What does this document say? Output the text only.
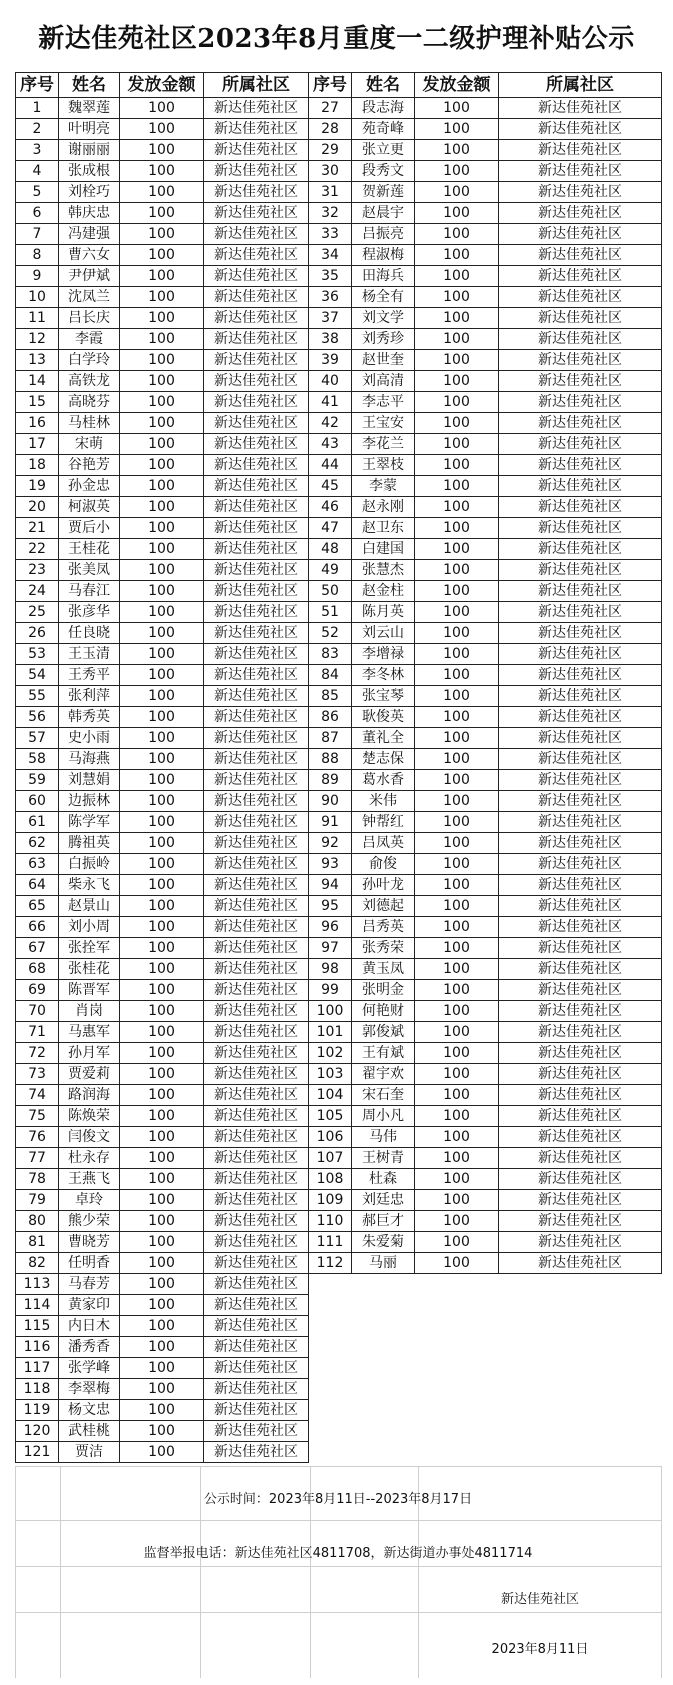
新达佳苑社区2023年8月重度一二级护理补贴公示
序号	姓名	发放金额	所属社区	序号	姓名	发放金额	所属社区
1	魏翠莲	100	新达佳苑社区	27	段志海	100	新达佳苑社区
2	叶明亮	100	新达佳苑社区	28	苑奇峰	100	新达佳苑社区
3	谢丽丽	100	新达佳苑社区	29	张立更	100	新达佳苑社区
4	张成根	100	新达佳苑社区	30	段秀文	100	新达佳苑社区
5	刘栓巧	100	新达佳苑社区	31	贺新莲	100	新达佳苑社区
6	韩庆忠	100	新达佳苑社区	32	赵晨宇	100	新达佳苑社区
7	冯建强	100	新达佳苑社区	33	吕振亮	100	新达佳苑社区
8	曹六女	100	新达佳苑社区	34	程淑梅	100	新达佳苑社区
9	尹伊斌	100	新达佳苑社区	35	田海兵	100	新达佳苑社区
10	沈凤兰	100	新达佳苑社区	36	杨全有	100	新达佳苑社区
11	吕长庆	100	新达佳苑社区	37	刘文学	100	新达佳苑社区
12	李霞	100	新达佳苑社区	38	刘秀珍	100	新达佳苑社区
13	白学玲	100	新达佳苑社区	39	赵世奎	100	新达佳苑社区
14	高铁龙	100	新达佳苑社区	40	刘高清	100	新达佳苑社区
15	高晓芬	100	新达佳苑社区	41	李志平	100	新达佳苑社区
16	马桂林	100	新达佳苑社区	42	王宝安	100	新达佳苑社区
17	宋萌	100	新达佳苑社区	43	李花兰	100	新达佳苑社区
18	谷艳芳	100	新达佳苑社区	44	王翠枝	100	新达佳苑社区
19	孙金忠	100	新达佳苑社区	45	李蒙	100	新达佳苑社区
20	柯淑英	100	新达佳苑社区	46	赵永刚	100	新达佳苑社区
21	贾后小	100	新达佳苑社区	47	赵卫东	100	新达佳苑社区
22	王桂花	100	新达佳苑社区	48	白建国	100	新达佳苑社区
23	张美凤	100	新达佳苑社区	49	张慧杰	100	新达佳苑社区
24	马春江	100	新达佳苑社区	50	赵金柱	100	新达佳苑社区
25	张彦华	100	新达佳苑社区	51	陈月英	100	新达佳苑社区
26	任良晓	100	新达佳苑社区	52	刘云山	100	新达佳苑社区
53	王玉清	100	新达佳苑社区	83	李增禄	100	新达佳苑社区
54	王秀平	100	新达佳苑社区	84	李冬林	100	新达佳苑社区
55	张利萍	100	新达佳苑社区	85	张宝琴	100	新达佳苑社区
56	韩秀英	100	新达佳苑社区	86	耿俊英	100	新达佳苑社区
57	史小雨	100	新达佳苑社区	87	董礼全	100	新达佳苑社区
58	马海燕	100	新达佳苑社区	88	楚志保	100	新达佳苑社区
59	刘慧娟	100	新达佳苑社区	89	葛水香	100	新达佳苑社区
60	边振林	100	新达佳苑社区	90	米伟	100	新达佳苑社区
61	陈学军	100	新达佳苑社区	91	钟帮红	100	新达佳苑社区
62	腾祖英	100	新达佳苑社区	92	吕凤英	100	新达佳苑社区
63	白振岭	100	新达佳苑社区	93	俞俊	100	新达佳苑社区
64	柴永飞	100	新达佳苑社区	94	孙叶龙	100	新达佳苑社区
65	赵景山	100	新达佳苑社区	95	刘德起	100	新达佳苑社区
66	刘小周	100	新达佳苑社区	96	吕秀英	100	新达佳苑社区
67	张拴军	100	新达佳苑社区	97	张秀荣	100	新达佳苑社区
68	张桂花	100	新达佳苑社区	98	黄玉凤	100	新达佳苑社区
69	陈晋军	100	新达佳苑社区	99	张明金	100	新达佳苑社区
70	肖岗	100	新达佳苑社区	100	何艳财	100	新达佳苑社区
71	马惠军	100	新达佳苑社区	101	郭俊斌	100	新达佳苑社区
72	孙月军	100	新达佳苑社区	102	王有斌	100	新达佳苑社区
73	贾爱莉	100	新达佳苑社区	103	翟宇欢	100	新达佳苑社区
74	路润海	100	新达佳苑社区	104	宋石奎	100	新达佳苑社区
75	陈焕荣	100	新达佳苑社区	105	周小凡	100	新达佳苑社区
76	闫俊文	100	新达佳苑社区	106	马伟	100	新达佳苑社区
77	杜永存	100	新达佳苑社区	107	王树青	100	新达佳苑社区
78	王燕飞	100	新达佳苑社区	108	杜森	100	新达佳苑社区
79	卓玲	100	新达佳苑社区	109	刘廷忠	100	新达佳苑社区
80	熊少荣	100	新达佳苑社区	110	郝巨才	100	新达佳苑社区
81	曹晓芳	100	新达佳苑社区	111	朱爱菊	100	新达佳苑社区
82	任明香	100	新达佳苑社区	112	马丽	100	新达佳苑社区
113	马春芳	100	新达佳苑社区				
114	黄家印	100	新达佳苑社区				
115	内日木	100	新达佳苑社区				
116	潘秀香	100	新达佳苑社区				
117	张学峰	100	新达佳苑社区				
118	李翠梅	100	新达佳苑社区				
119	杨文忠	100	新达佳苑社区				
120	武桂桃	100	新达佳苑社区				
121	贾洁	100	新达佳苑社区				
公示时间：2023年8月11日--2023年8月17日
监督举报电话：新达佳苑社区4811708，新达街道办事处4811714
新达佳苑社区
2023年8月11日
